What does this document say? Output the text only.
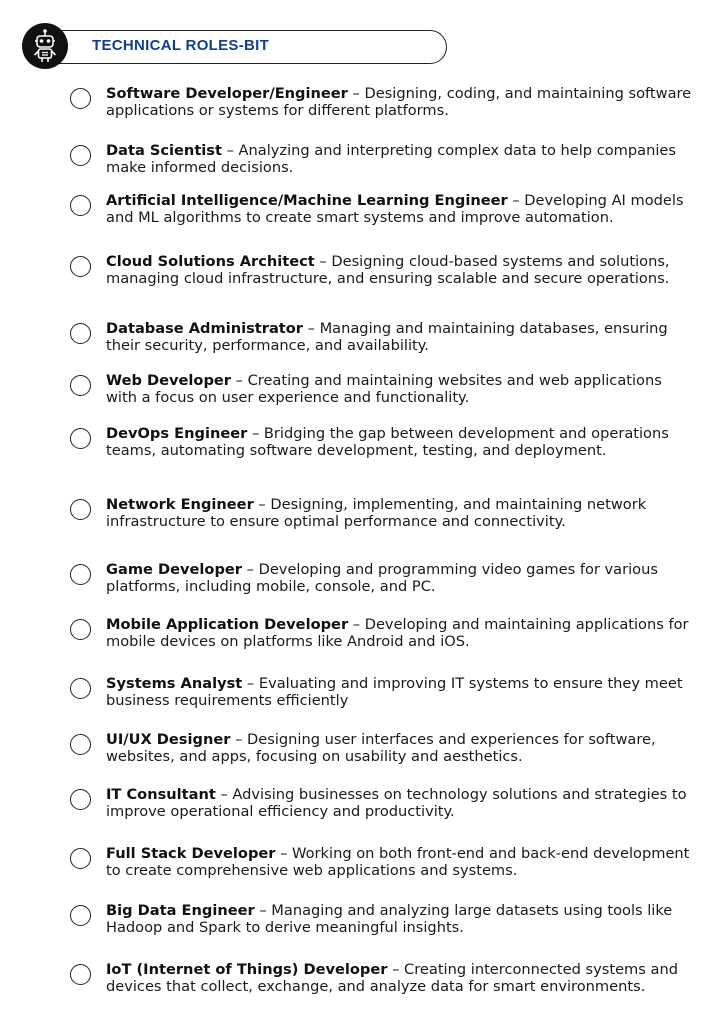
TECHNICAL ROLES-BIT
Software Developer/Engineer – Designing, coding, and maintaining software applications or systems for different platforms.
Data Scientist – Analyzing and interpreting complex data to help companies make informed decisions.
Artificial Intelligence/Machine Learning Engineer – Developing AI models and ML algorithms to create smart systems and improve automation.
Cloud Solutions Architect – Designing cloud-based systems and solutions, managing cloud infrastructure, and ensuring scalable and secure operations.
Database Administrator – Managing and maintaining databases, ensuring their security, performance, and availability.
Web Developer – Creating and maintaining websites and web applications with a focus on user experience and functionality.
DevOps Engineer – Bridging the gap between development and operations teams, automating software development, testing, and deployment.
Network Engineer – Designing, implementing, and maintaining network infrastructure to ensure optimal performance and connectivity.
Game Developer – Developing and programming video games for various platforms, including mobile, console, and PC.
Mobile Application Developer – Developing and maintaining applications for mobile devices on platforms like Android and iOS.
Systems Analyst – Evaluating and improving IT systems to ensure they meet business requirements efficiently
UI/UX Designer – Designing user interfaces and experiences for software, websites, and apps, focusing on usability and aesthetics.
IT Consultant – Advising businesses on technology solutions and strategies to improve operational efficiency and productivity.
Full Stack Developer – Working on both front-end and back-end development to create comprehensive web applications and systems.
Big Data Engineer – Managing and analyzing large datasets using tools like Hadoop and Spark to derive meaningful insights.
IoT (Internet of Things) Developer – Creating interconnected systems and devices that collect, exchange, and analyze data for smart environments.
